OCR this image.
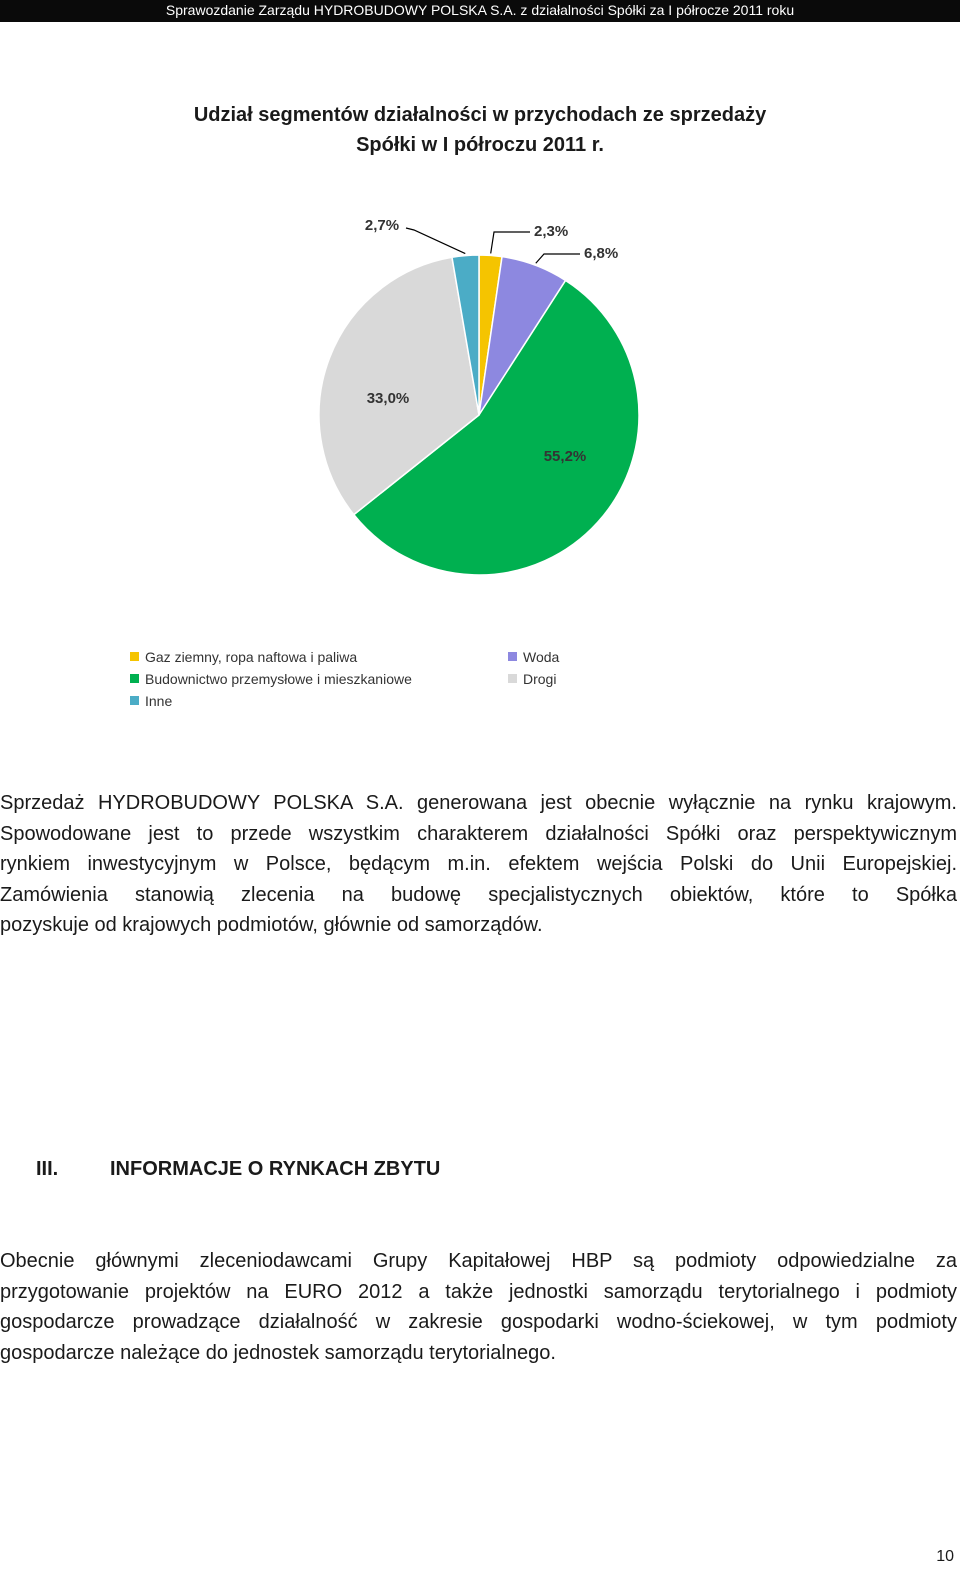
Sprawozdanie Zarządu HYDROBUDOWY POLSKA S.A. z działalności Spółki za I półrocze 2011 roku
Udział segmentów działalności w przychodach ze sprzedaży
Spółki w I półroczu 2011 r.
2,3%
6,8%
55,2%
33,0%
2,7%
Gaz ziemny, ropa naftowa i paliwa	Woda
Budownictwo przemysłowe i mieszkaniowe	Drogi
Inne
Sprzedaż HYDROBUDOWY POLSKA S.A. generowana jest obecnie wyłącznie na rynku krajowym.
Spowodowane jest to przede wszystkim charakterem działalności Spółki oraz perspektywicznym
rynkiem inwestycyjnym w Polsce, będącym m.in. efektem wejścia Polski do Unii Europejskiej.
Zamówienia stanowią zlecenia na budowę specjalistycznych obiektów, które to Spółka
pozyskuje od krajowych podmiotów, głównie od samorządów.
III.	INFORMACJE O RYNKACH ZBYTU
Obecnie głównymi zleceniodawcami Grupy Kapitałowej HBP są podmioty odpowiedzialne za
przygotowanie projektów na EURO 2012 a także jednostki samorządu terytorialnego i podmioty
gospodarcze prowadzące działalność w zakresie gospodarki wodno-ściekowej, w tym podmioty
gospodarcze należące do jednostek samorządu terytorialnego.
10
